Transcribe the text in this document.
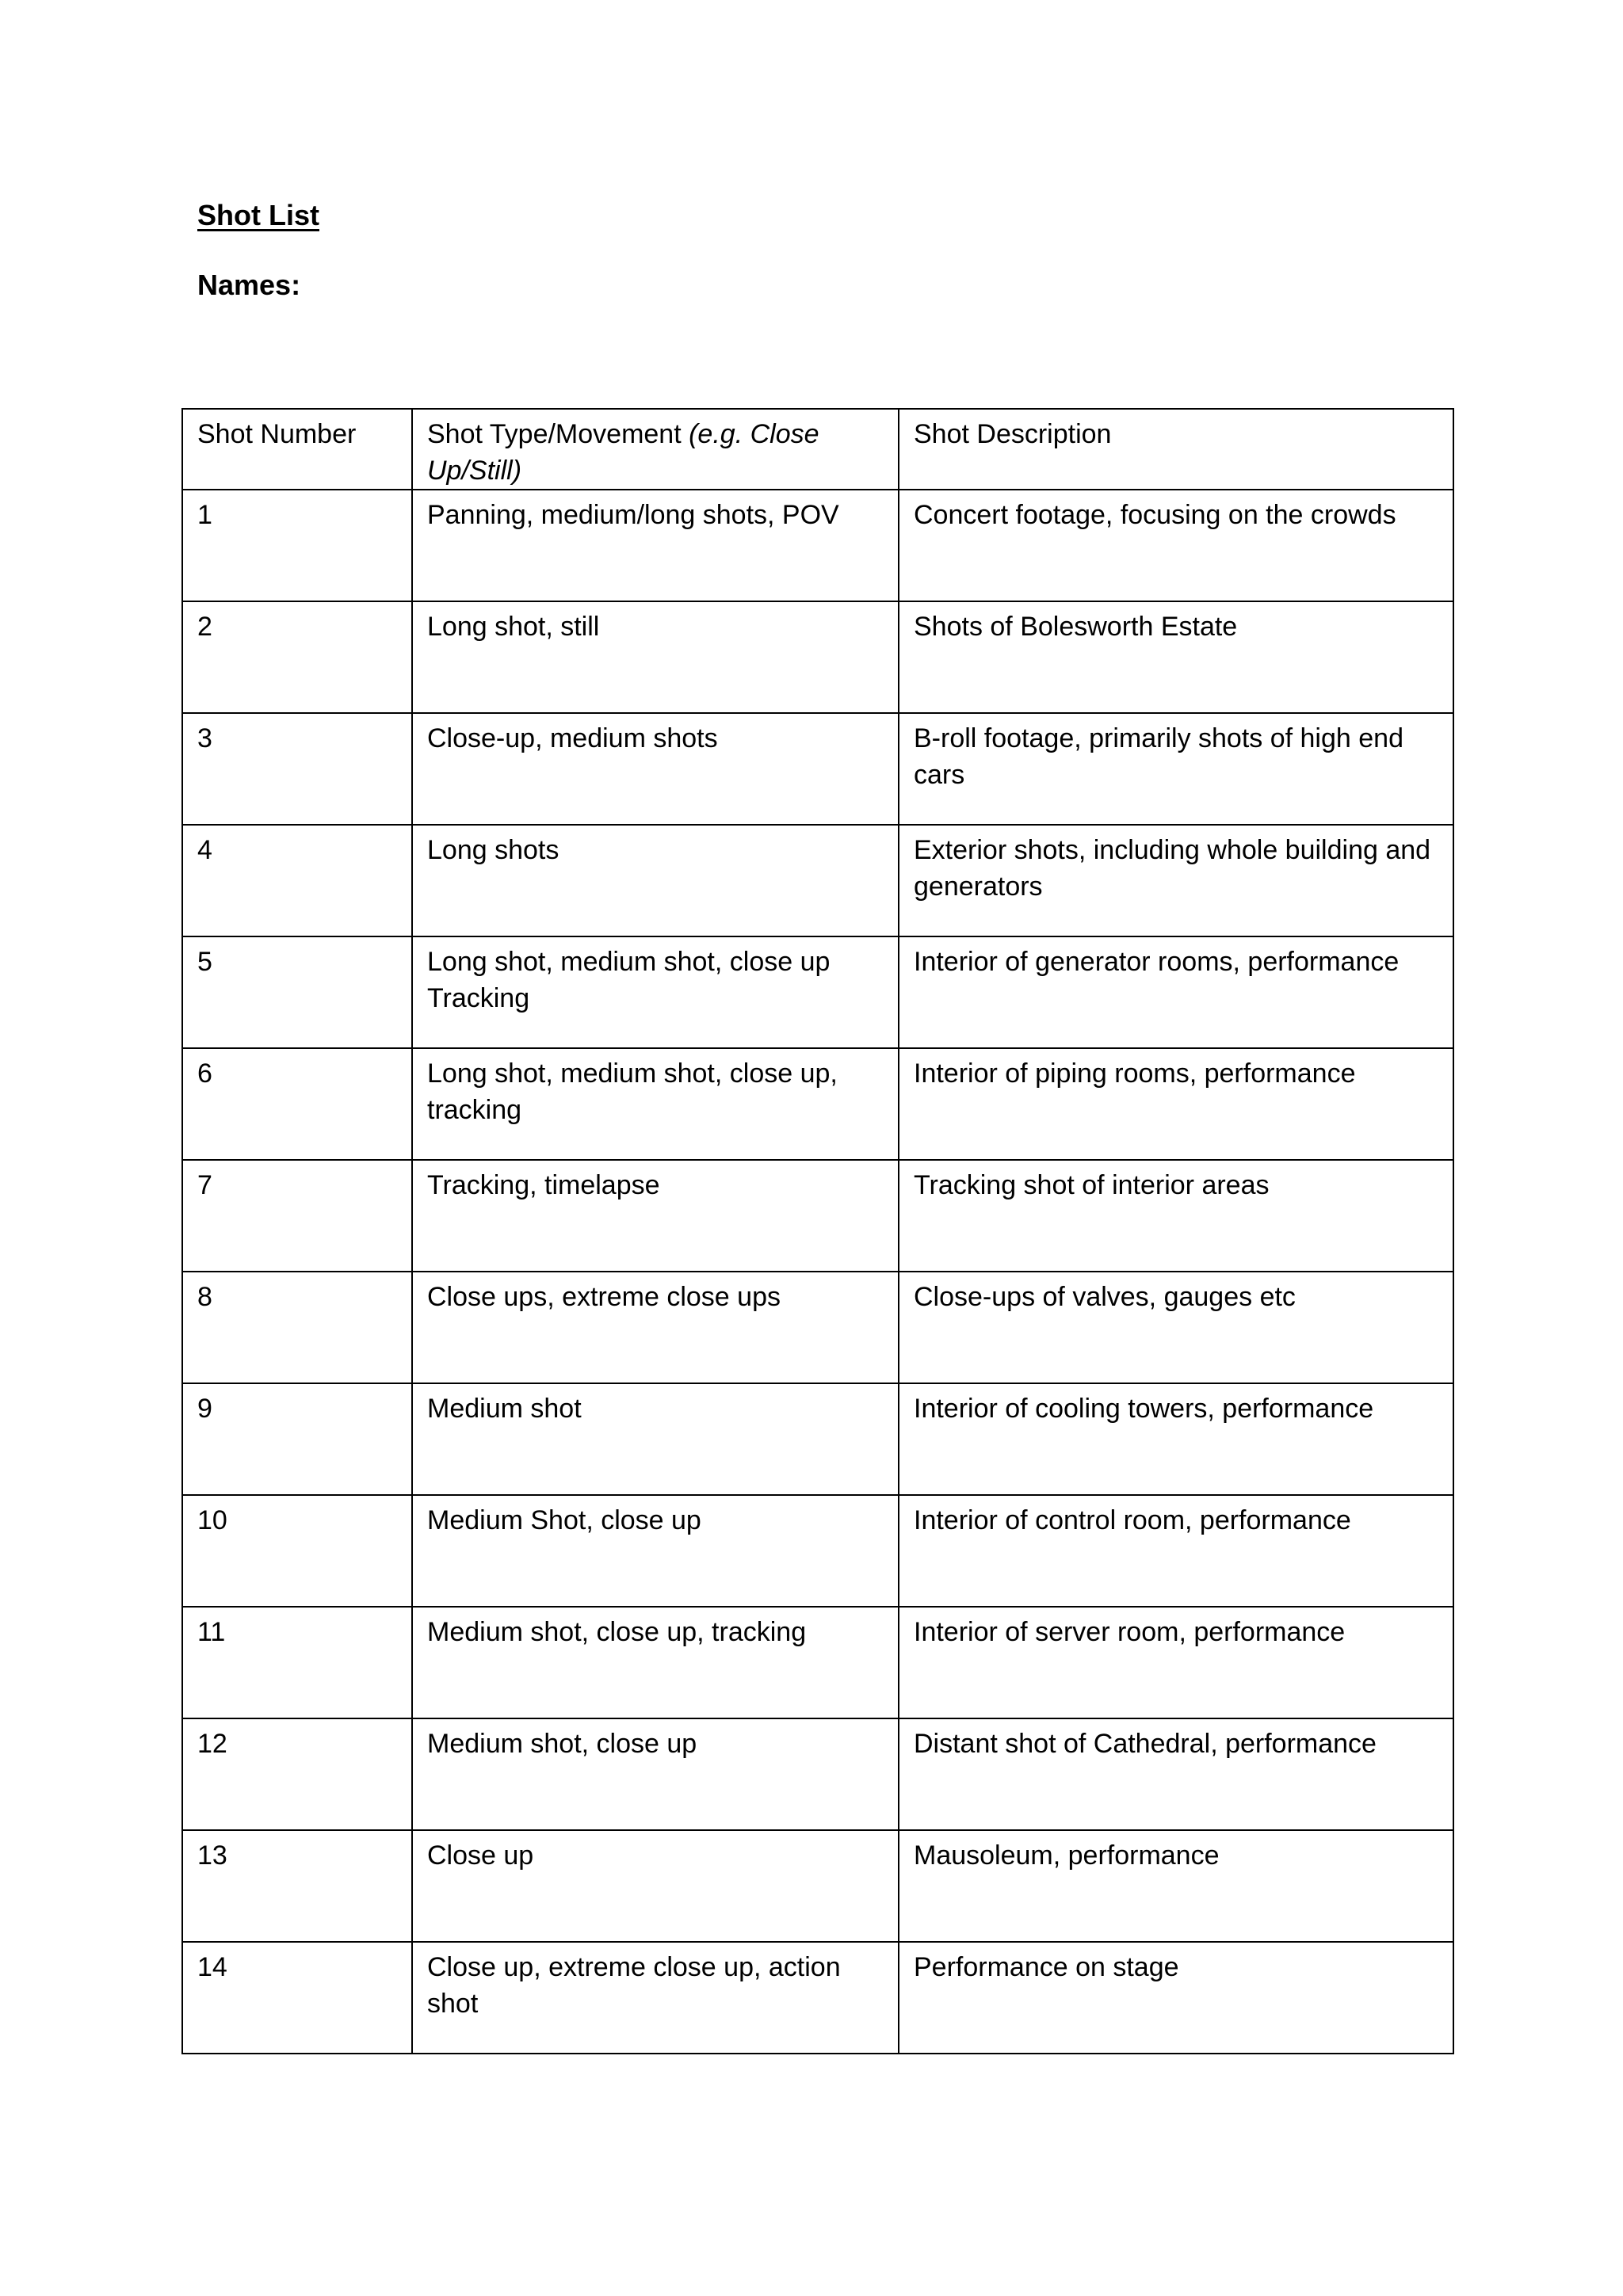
Shot List
Names:
Shot Number	Shot Type/Movement (e.g. Close Up/Still)	Shot Description
1	Panning, medium/long shots, POV	Concert footage, focusing on the crowds
2	Long shot, still	Shots of Bolesworth Estate
3	Close-up, medium shots	B-roll footage, primarily shots of high end cars
4	Long shots	Exterior shots, including whole building and generators
5	Long shot, medium shot, close up Tracking	Interior of generator rooms, performance
6	Long shot, medium shot, close up, tracking	Interior of piping rooms, performance
7	Tracking, timelapse	Tracking shot of interior areas
8	Close ups, extreme close ups	Close-ups of valves, gauges etc
9	Medium shot	Interior of cooling towers, performance
10	Medium Shot, close up	Interior of control room, performance
11	Medium shot, close up, tracking	Interior of server room, performance
12	Medium shot, close up	Distant shot of Cathedral, performance
13	Close up	Mausoleum, performance
14	Close up, extreme close up, action shot	Performance on stage
